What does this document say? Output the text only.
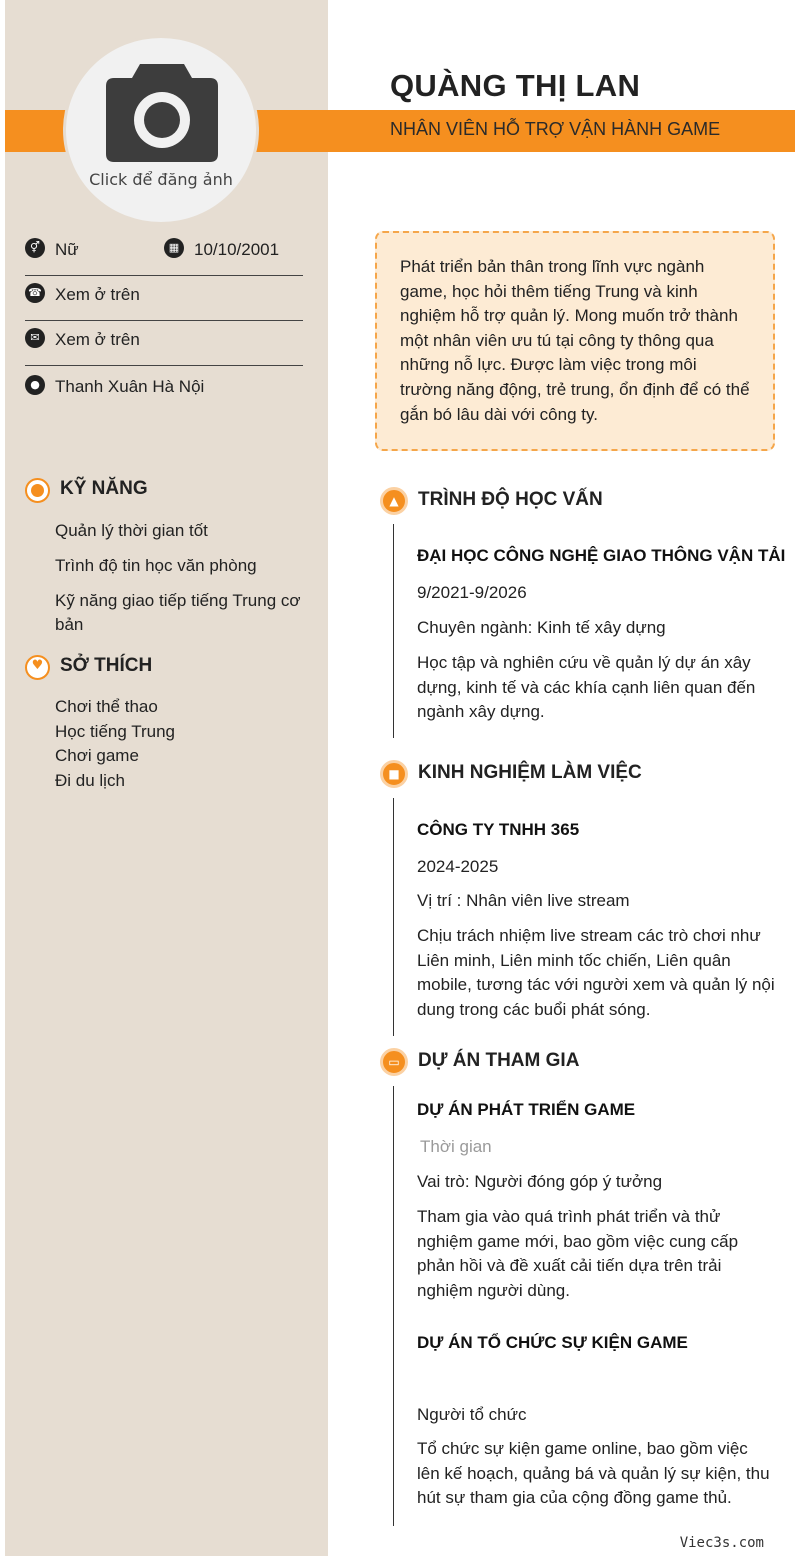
Click để đăng ảnh
QUÀNG THỊ LAN
NHÂN VIÊN HỖ TRỢ VẬN HÀNH GAME
⚥ Nữ	▦ 10/10/2001
☎ Xem ở trên
✉ Xem ở trên
● Thanh Xuân Hà Nội
KỸ NĂNG
Quản lý thời gian tốt
Trình độ tin học văn phòng
Kỹ năng giao tiếp tiếng Trung cơ bản
♥ SỞ THÍCH
Chơi thể thao
Học tiếng Trung
Chơi game
Đi du lịch
Phát triển bản thân trong lĩnh vực ngành game, học hỏi thêm tiếng Trung và kinh nghiệm hỗ trợ quản lý. Mong muốn trở thành một nhân viên ưu tú tại công ty thông qua những nỗ lực. Được làm việc trong môi trường năng động, trẻ trung, ổn định để có thể gắn bó lâu dài với công ty.
▲	TRÌNH ĐỘ HỌC VẤN
ĐẠI HỌC CÔNG NGHỆ GIAO THÔNG VẬN TẢI
9/2021-9/2026
Chuyên ngành: Kinh tế xây dựng
Học tập và nghiên cứu về quản lý dự án xây dựng, kinh tế và các khía cạnh liên quan đến ngành xây dựng.
■ KINH NGHIỆM LÀM VIỆC
CÔNG TY TNHH 365
2024-2025
Vị trí : Nhân viên live stream
Chịu trách nhiệm live stream các trò chơi như Liên minh, Liên minh tốc chiến, Liên quân mobile, tương tác với người xem và quản lý nội dung trong các buổi phát sóng.
▭ DỰ ÁN THAM GIA
DỰ ÁN PHÁT TRIỂN GAME
Thời gian
Vai trò: Người đóng góp ý tưởng
Tham gia vào quá trình phát triển và thử nghiệm game mới, bao gồm việc cung cấp phản hồi và đề xuất cải tiến dựa trên trải nghiệm người dùng.
DỰ ÁN TỔ CHỨC SỰ KIỆN GAME
Người tổ chức
Tổ chức sự kiện game online, bao gồm việc lên kế hoạch, quảng bá và quản lý sự kiện, thu hút sự tham gia của cộng đồng game thủ.
Viec3s.com
